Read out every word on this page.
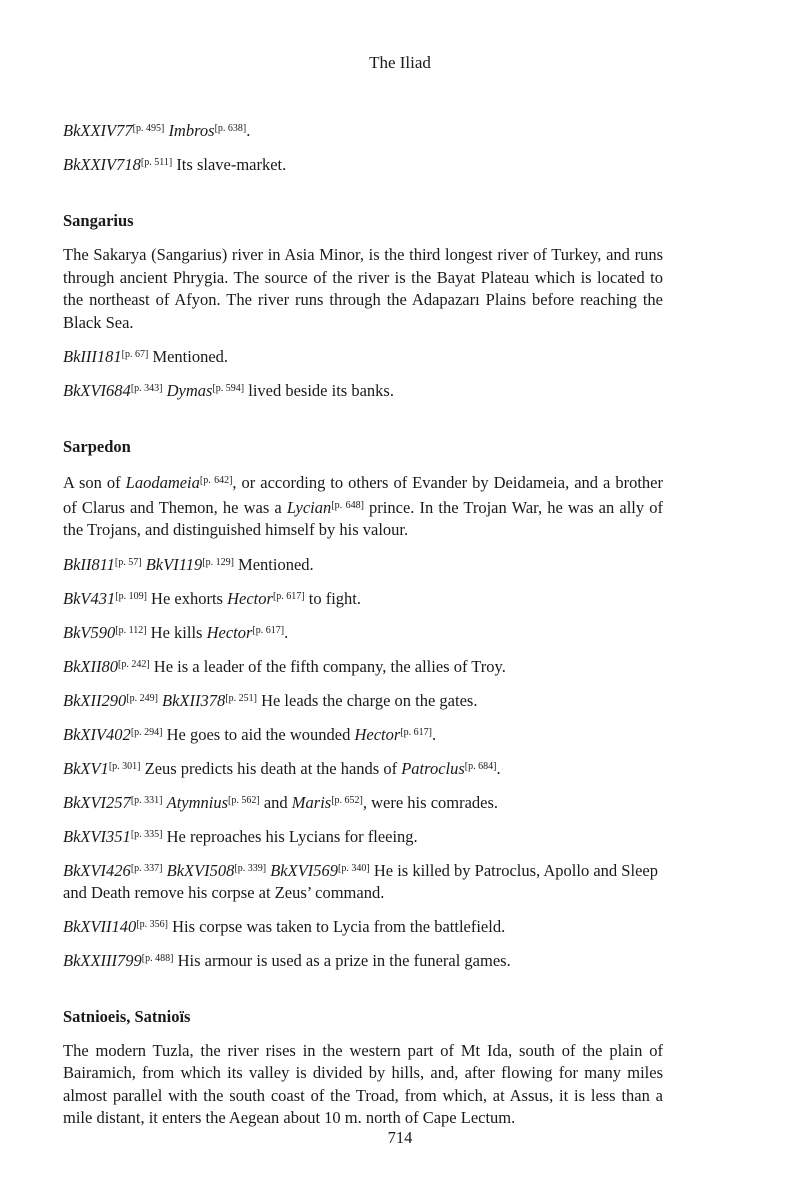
The Iliad

BkXXIV77[p. 495] Imbros[p. 638].

BkXXIV718[p. 511] Its slave-market.

Sangarius

The Sakarya (Sangarius) river in Asia Minor, is the third longest river of Turkey, and runs through ancient Phrygia. The source of the river is the Bayat Plateau which is located to the northeast of Afyon. The river runs through the Adapazarı Plains before reaching the Black Sea.

BkIII181[p. 67] Mentioned.

BkXVI684[p. 343] Dymas[p. 594] lived beside its banks.

Sarpedon

A son of Laodameia[p. 642], or according to others of Evander by Deidameia, and a brother of Clarus and Themon, he was a Lycian[p. 648] prince. In the Trojan War, he was an ally of the Trojans, and distinguished himself by his valour.

BkII811[p. 57] BkVI119[p. 129] Mentioned.

BkV431[p. 109] He exhorts Hector[p. 617] to fight.

BkV590[p. 112] He kills Hector[p. 617].

BkXII80[p. 242] He is a leader of the fifth company, the allies of Troy.

BkXII290[p. 249] BkXII378[p. 251] He leads the charge on the gates.

BkXIV402[p. 294] He goes to aid the wounded Hector[p. 617].

BkXV1[p. 301] Zeus predicts his death at the hands of Patroclus[p. 684].

BkXVI257[p. 331] Atymnius[p. 562] and Maris[p. 652], were his comrades.

BkXVI351[p. 335] He reproaches his Lycians for fleeing.

BkXVI426[p. 337] BkXVI508[p. 339] BkXVI569[p. 340] He is killed by Patroclus, Apollo and Sleep and Death remove his corpse at Zeus’ command.

BkXVII140[p. 356] His corpse was taken to Lycia from the battlefield.

BkXXIII799[p. 488] His armour is used as a prize in the funeral games.

Satnioeis, Satnioïs

The modern Tuzla, the river rises in the western part of Mt Ida, south of the plain of Bairamich, from which its valley is divided by hills, and, after flowing for many miles almost parallel with the south coast of the Troad, from which, at Assus, it is less than a mile distant, it enters the Aegean about 10 m. north of Cape Lectum.

714
